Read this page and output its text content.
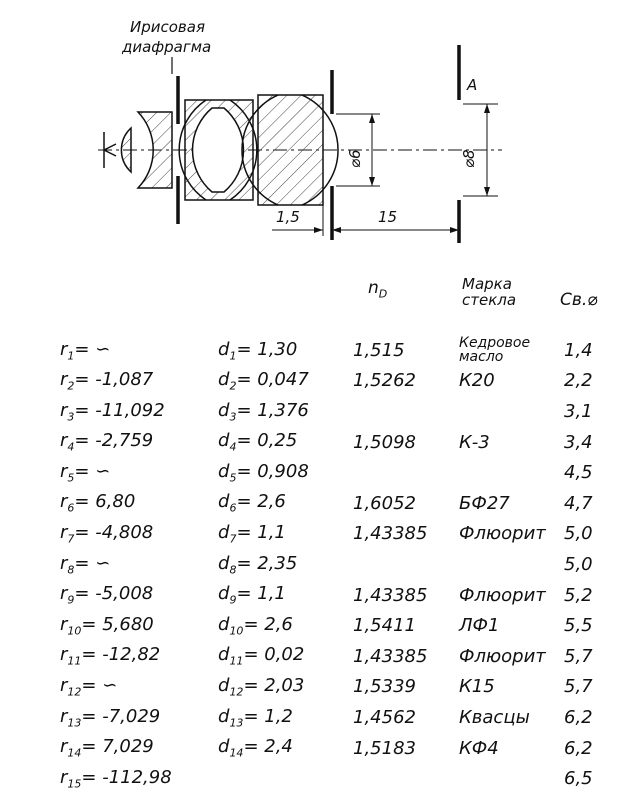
Ирисовая
диафрагма
⌀6
A
⌀8
1,5	15
$n_D$
Марка
стекла	Св.⌀
$r_1=$ ∽	$d_1= 1,30$	1,515	Кедровое
масло	1,4
$r_2= -1,087$	$d_2= 0,047$	1,5262	К20	2,2
$r_3= -11,092$	$d_3= 1,376$			3,1
$r_4= -2,759$	$d_4= 0,25$	1,5098	К-3	3,4
$r_5=$ ∽	$d_5= 0,908$			4,5
$r_6= 6,80$	$d_6= 2,6$	1,6052	БФ27	4,7
$r_7= -4,808$	$d_7= 1,1$	1,43385	Флюорит	5,0
$r_8=$ ∽	$d_8= 2,35$			5,0
$r_9= -5,008$	$d_9= 1,1$	1,43385	Флюорит	5,2
$r_{10}= 5,680$	$d_{10}= 2,6$	1,5411	ЛФ1	5,5
$r_{11}= -12,82$	$d_{11}= 0,02$	1,43385	Флюорит	5,7
$r_{12}=$ ∽	$d_{12}= 2,03$	1,5339	К15	5,7
$r_{13}= -7,029$	$d_{13}= 1,2$	1,4562	Квасцы	6,2
$r_{14}= 7,029$	$d_{14}= 2,4$	1,5183	КФ4	6,2
$r_{15}= -112,98$				6,5
